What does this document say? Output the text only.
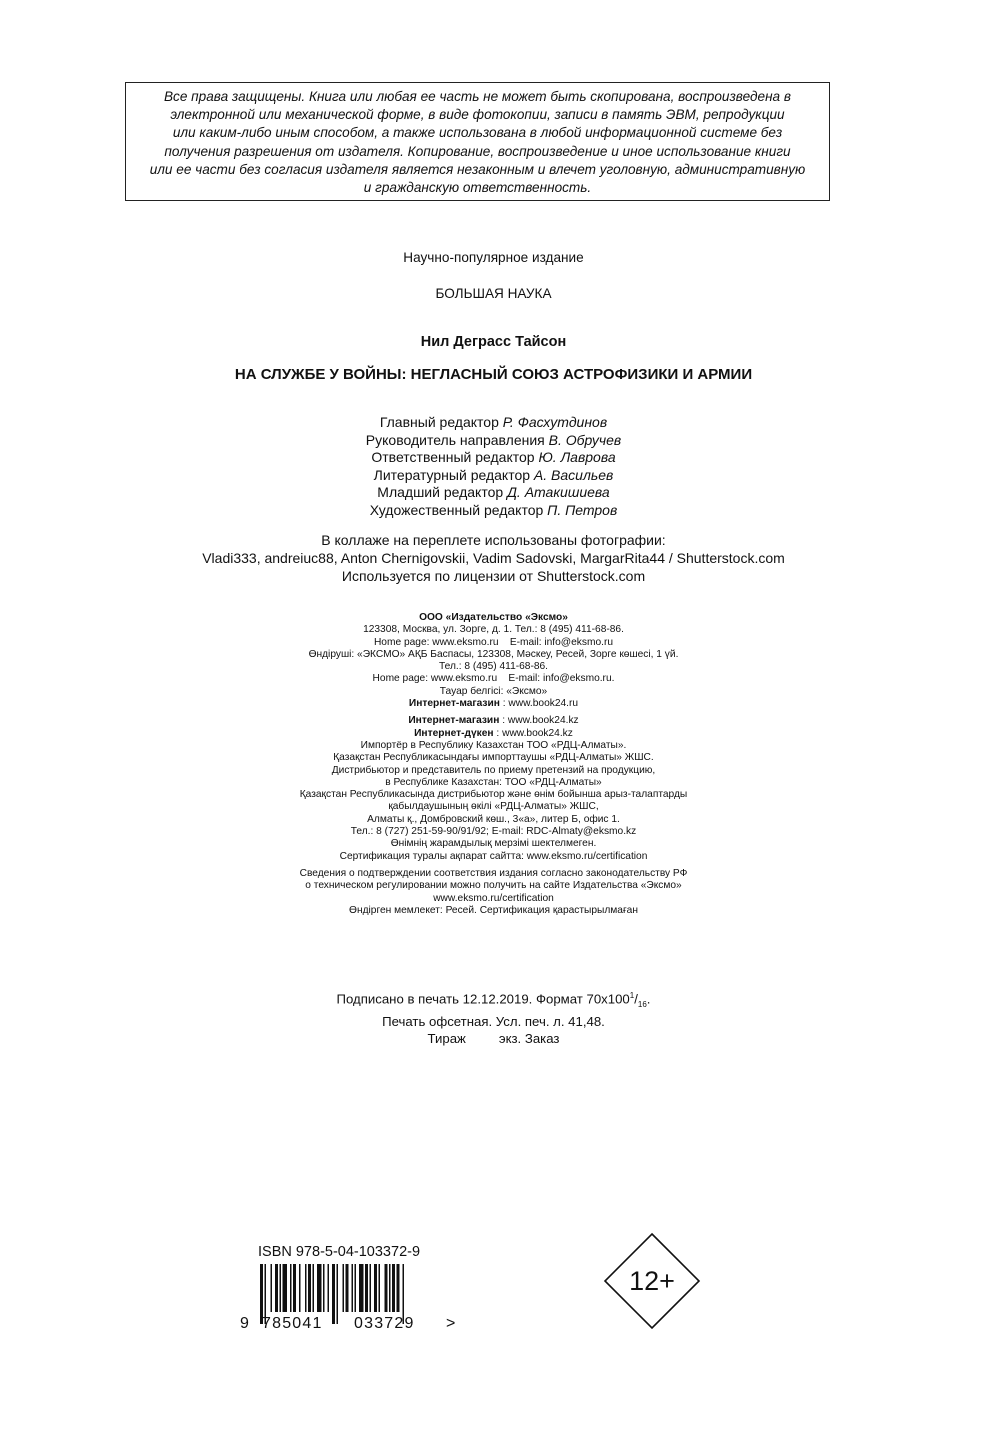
Все права защищены. Книга или любая ее часть не может быть скопирована, воспроизведена в

электронной или механической форме, в виде фотокопии, записи в память ЭВМ, репродукции

или каким-либо иным способом, а также использована в любой информационной системе без

получения разрешения от издателя. Копирование, воспроизведение и иное использование книги

или ее части без согласия издателя является незаконным и влечет уголовную, административную

и гражданскую ответственность.

Научно-популярное издание
БОЛЬШАЯ НАУКА
Нил Деграсс Тайсон
НА СЛУЖБЕ У ВОЙНЫ: НЕГЛАСНЫЙ СОЮЗ АСТРОФИЗИКИ И АРМИИ
Главный редактор Р. Фасхутдинов
Руководитель направления В. Обручев
Ответственный редактор Ю. Лаврова
Литературный редактор А. Васильев
Младший редактор Д. Атакишиева
Художественный редактор П. Петров
В коллаже на переплете использованы фотографии:
Vladi333, andreiuc88, Anton Chernigovskii, Vadim Sadovski, MargarRita44 / Shutterstock.com
Используется по лицензии от Shutterstock.com
ООО «Издательство «Эксмо»
123308, Москва, ул. Зорге, д. 1. Тел.: 8 (495) 411-68-86.
Home page: www.eksmo.ru    E-mail: info@eksmo.ru
Өндіруші: «ЭКСМО» АҚБ Баспасы, 123308, Мәскеу, Ресей, Зорге көшесі, 1 үй.
Тел.: 8 (495) 411-68-86.
Home page: www.eksmo.ru    E-mail: info@eksmo.ru.
Тауар белгісі: «Эксмо»
Интернет-магазин : www.book24.ru
Интернет-магазин : www.book24.kz
Интернет-дүкен : www.book24.kz
Импортёр в Республику Казахстан ТОО «РДЦ-Алматы».
Қазақстан Республикасындағы импорттаушы «РДЦ-Алматы» ЖШС.
Дистрибьютор и представитель по приему претензий на продукцию,
в Республике Казахстан: ТОО «РДЦ-Алматы»
Қазақстан Республикасында дистрибьютор және өнім бойынша арыз-талаптарды
қабылдаушының өкілі «РДЦ-Алматы» ЖШС,
Алматы қ., Домбровский көш., 3«а», литер Б, офис 1.
Тел.: 8 (727) 251-59-90/91/92; E-mail: RDC-Almaty@eksmo.kz
Өнімнің жарамдылық мерзімі шектелмеген.
Сертификация туралы ақпарат сайтта: www.eksmo.ru/certification
Сведения о подтверждении соответствия издания согласно законодательству РФ
о техническом регулировании можно получить на сайте Издательства «Эксмо»
www.eksmo.ru/certification
Өндірген мемлекет: Ресей. Сертификация қарастырылмаған
Подписано в печать 12.12.2019. Формат $70x100^1/_{16}$.
Печать офсетная. Усл. печ. л. 41,48.
Тираж         экз. Заказ
ISBN 978-5-04-103372-9
9 785041 033729 >
12+
